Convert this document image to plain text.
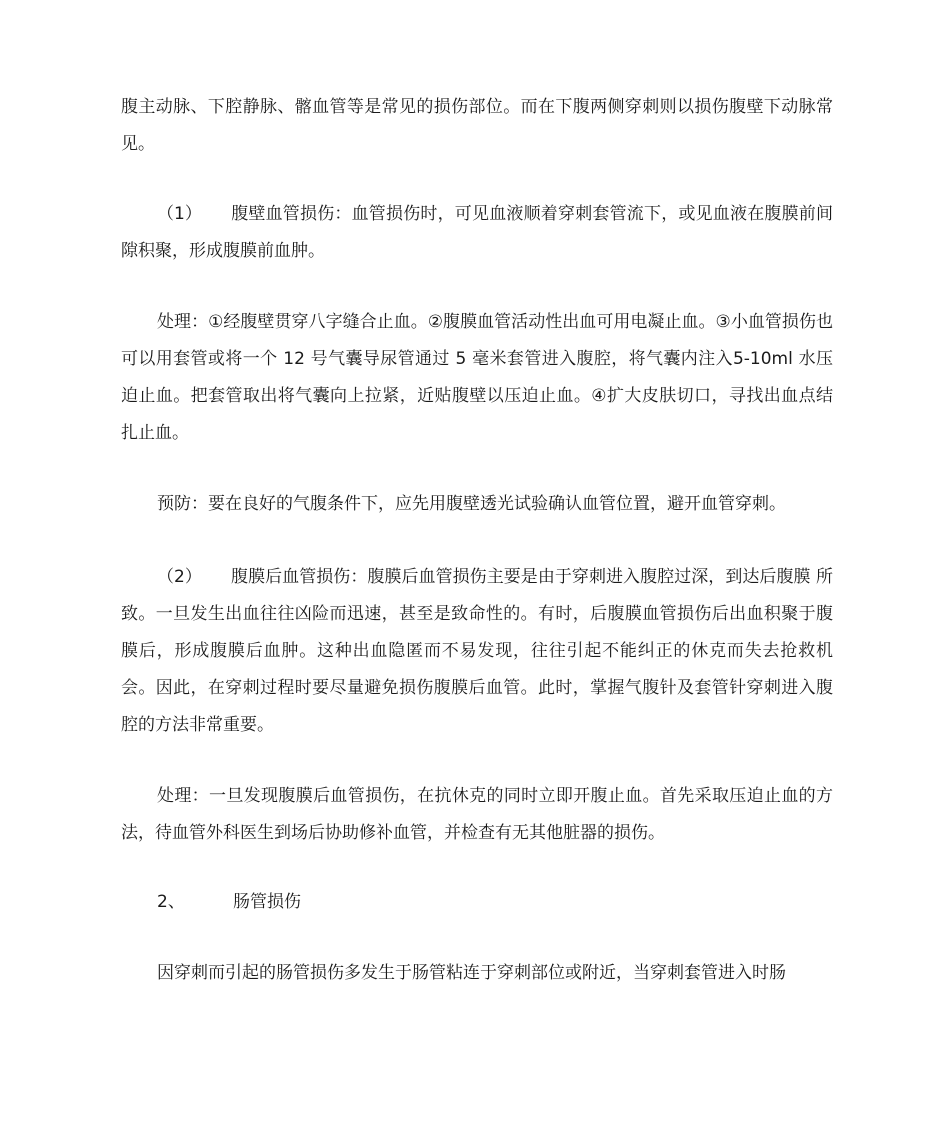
腹主动脉、下腔静脉、髂血管等是常见的损伤部位。而在下腹两侧穿刺则以损伤腹壁下动脉常见。

（1） 腹壁血管损伤：血管损伤时，可见血液顺着穿刺套管流下，或见血液在腹膜前间隙积聚，形成腹膜前血肿。

处理：①经腹壁贯穿八字缝合止血。②腹膜血管活动性出血可用电凝止血。③小血管损伤也可以用套管或将一个 12 号气囊导尿管通过 5 毫米套管进入腹腔，将气囊内注入5-10ml 水压迫止血。把套管取出将气囊向上拉紧，近贴腹壁以压迫止血。④扩大皮肤切口，寻找出血点结扎止血。

预防：要在良好的气腹条件下，应先用腹壁透光试验确认血管位置，避开血管穿刺。

（2） 腹膜后血管损伤：腹膜后血管损伤主要是由于穿刺进入腹腔过深，到达后腹膜 所致。一旦发生出血往往凶险而迅速，甚至是致命性的。有时，后腹膜血管损伤后出血积聚于腹膜后，形成腹膜后血肿。这种出血隐匿而不易发现，往往引起不能纠正的休克而失去抢救机会。因此，在穿刺过程时要尽量避免损伤腹膜后血管。此时，掌握气腹针及套管针穿刺进入腹腔的方法非常重要。

处理：一旦发现腹膜后血管损伤，在抗休克的同时立即开腹止血。首先采取压迫止血的方法，待血管外科医生到场后协助修补血管，并检查有无其他脏器的损伤。

2、	肠管损伤

因穿刺而引起的肠管损伤多发生于肠管粘连于穿刺部位或附近，当穿刺套管进入时肠
